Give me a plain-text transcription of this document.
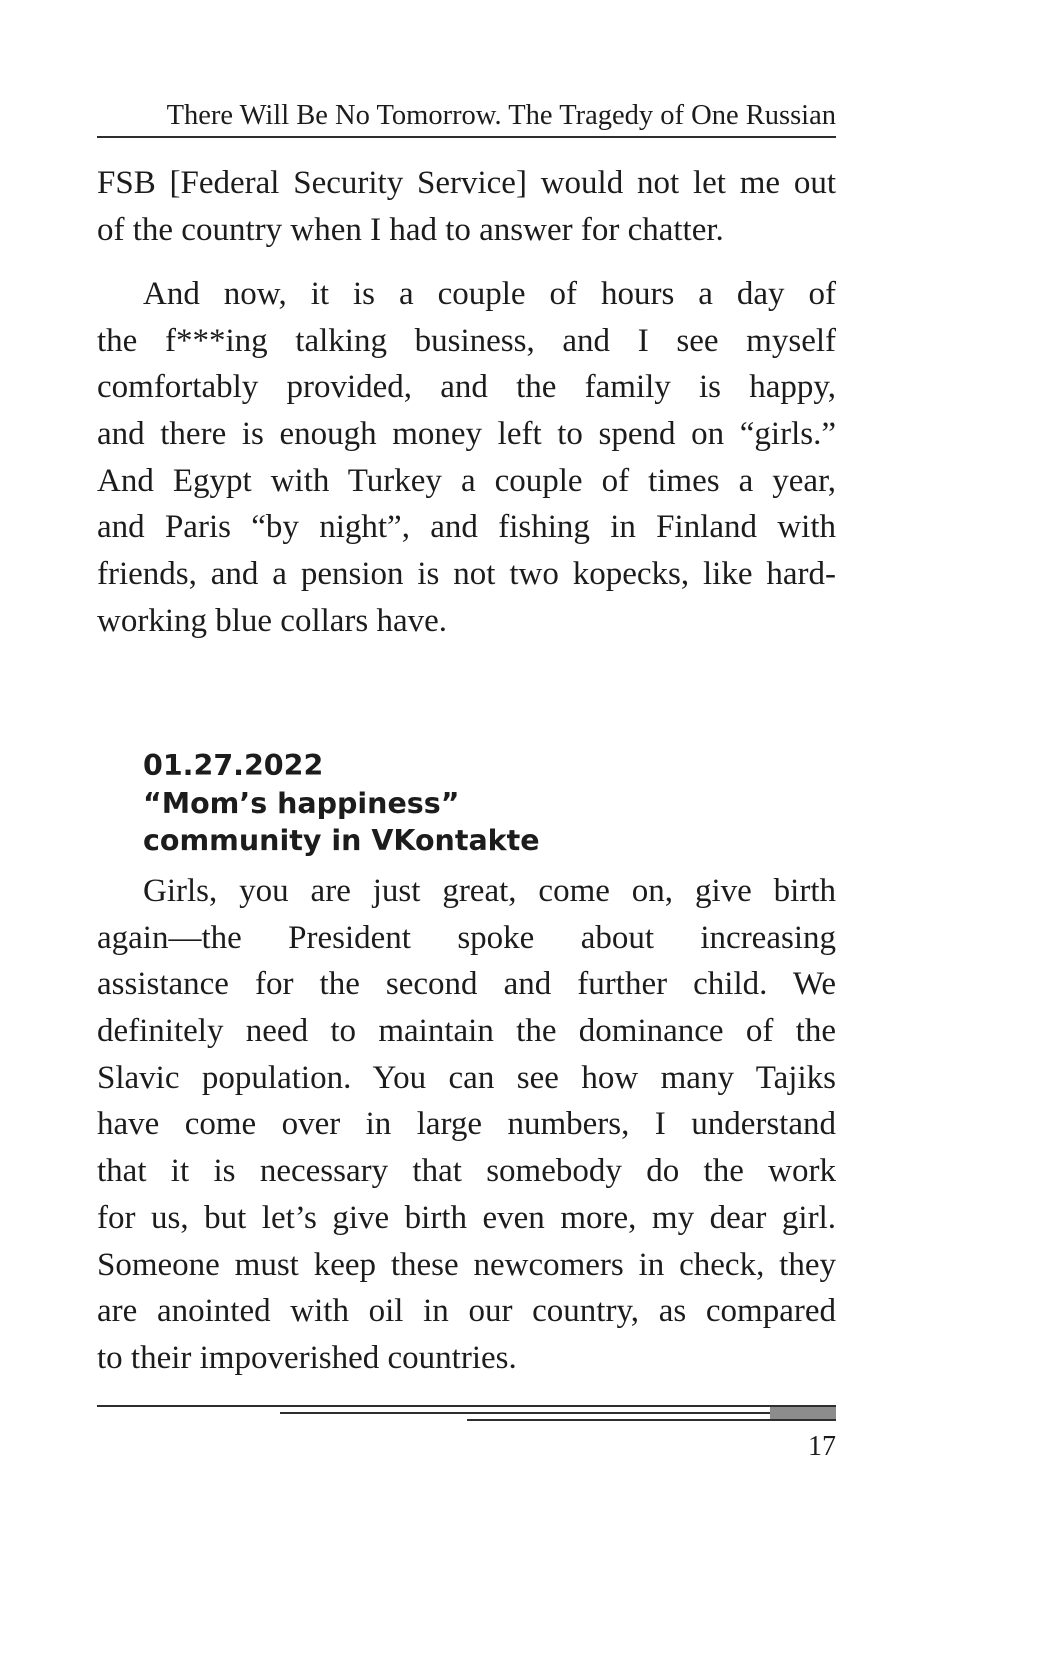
There Will Be No Tomorrow. The Tragedy of One Russian
FSB [Federal Security Service] would not let me out
of the country when I had to answer for chatter.
And now, it is a couple of hours a day of
the f***ing talking business, and I see myself
comfortably provided, and the family is happy,
and there is enough money left to spend on “girls.”
And Egypt with Turkey a couple of times a year,
and Paris “by night”, and fishing in Finland with
friends, and a pension is not two kopecks, like hard-
working blue collars have.
01.27.2022
“Mom’s happiness”
community in VKontakte
Girls, you are just great, come on, give birth
again—the President spoke about increasing
assistance for the second and further child. We
definitely need to maintain the dominance of the
Slavic population. You can see how many Tajiks
have come over in large numbers, I understand
that it is necessary that somebody do the work
for us, but let’s give birth even more, my dear girl.
Someone must keep these newcomers in check, they
are anointed with oil in our country, as compared
to their impoverished countries.
17
